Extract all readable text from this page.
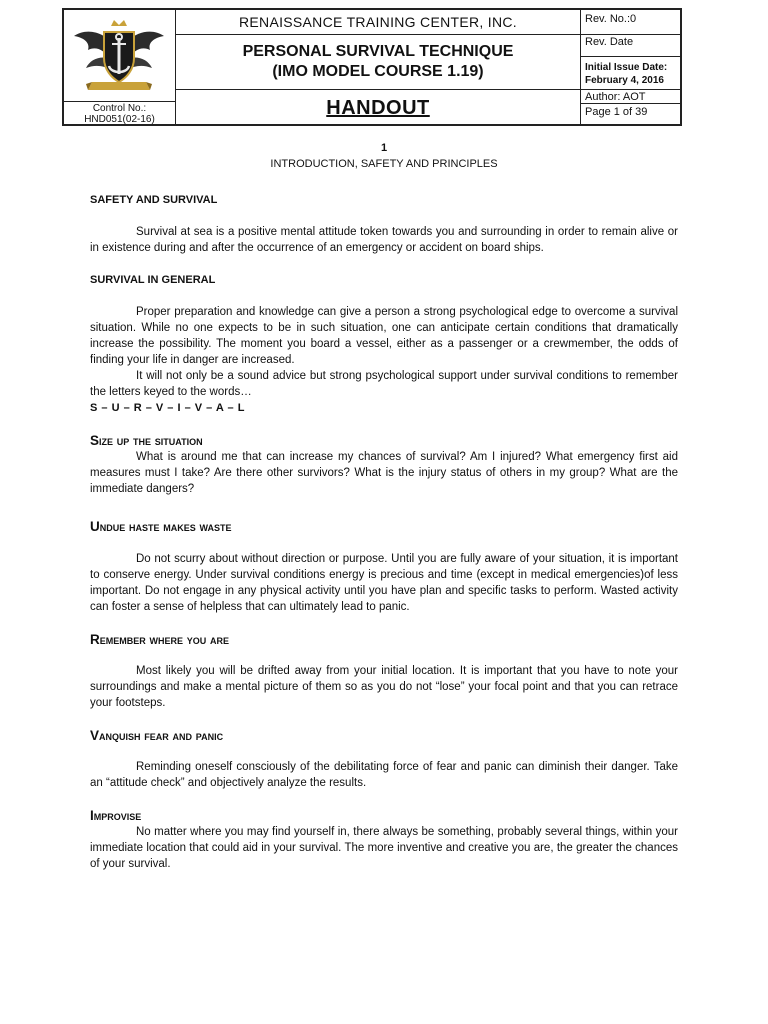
Control No.:
HND051(02-16)
RENAISSANCE TRAINING CENTER, INC.
PERSONAL SURVIVAL TECHNIQUE
(IMO MODEL COURSE 1.19)
HANDOUT
Rev. No.:0
Rev. Date
Initial Issue Date:
February 4, 2016
Author: AOT
Page 1 of 39
1
INTRODUCTION, SAFETY AND PRINCIPLES
SAFETY AND SURVIVAL

Survival at sea is a positive mental attitude token towards you and surrounding in order to remain alive or in existence during and after the occurrence of an emergency or accident on board ships.

SURVIVAL IN GENERAL

Proper preparation and knowledge can give a person a strong psychological edge to overcome a survival situation. While no one expects to be in such situation, one can anticipate certain conditions that dramatically increase the possibility. The moment you board a vessel, either as a passenger or a crewmember, the odds of finding your life in danger are increased.

It will not only be a sound advice but strong psychological support under survival conditions to remember the letters keyed to the words…

S – U – R – V – I – V – A – L
Size up the situation

What is around me that can increase my chances of survival? Am I injured? What emergency first aid measures must I take? Are there other survivors? What is the injury status of others in my group? What are the immediate dangers?

Undue haste makes waste

Do not scurry about without direction or purpose. Until you are fully aware of your situation, it is important to conserve energy. Under survival conditions energy is precious and time (except in medical emergencies)of less important. Do not engage in any physical activity until you have plan and specific tasks to perform. Wasted activity can foster a sense of helpless that can ultimately lead to panic.

Remember where you are

Most likely you will be drifted away from your initial location. It is important that you have to note your surroundings and make a mental picture of them so as you do not “lose” your focal point and that you can retrace your footsteps.

Vanquish fear and panic

Reminding oneself consciously of the debilitating force of fear and panic can diminish their danger. Take an “attitude check” and objectively analyze the results.

Improvise

No matter where you may find yourself in, there always be something, probably several things, within your immediate location that could aid in your survival. The more inventive and creative you are, the greater the chances of your survival.
